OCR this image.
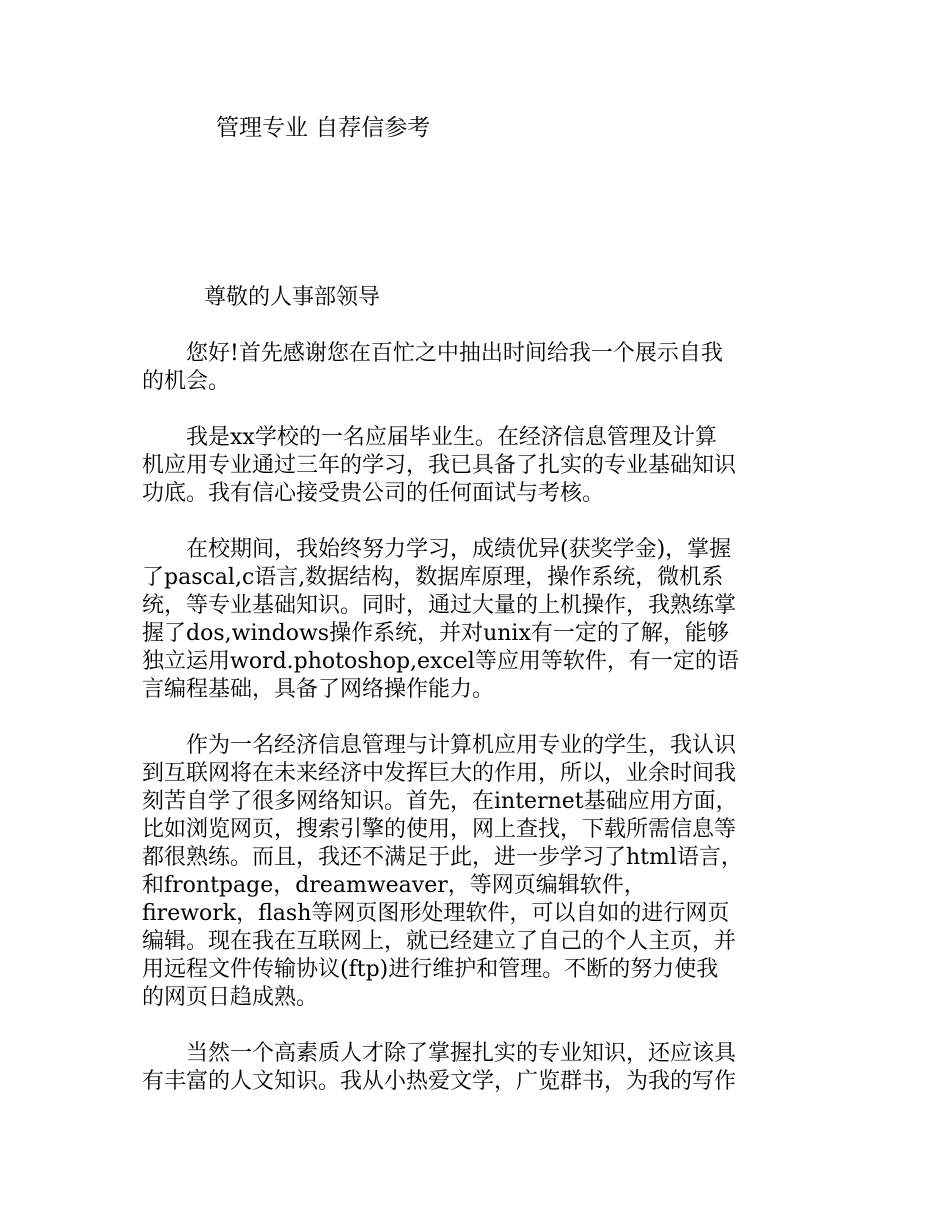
管理专业 自荐信参考
尊敬的人事部领导
　　您好!首先感谢您在百忙之中抽出时间给我一个展示自我
的机会。
　　我是xx学校的一名应届毕业生。在经济信息管理及计算
机应用专业通过三年的学习，我已具备了扎实的专业基础知识
功底。我有信心接受贵公司的任何面试与考核。
　　在校期间，我始终努力学习，成绩优异(获奖学金)，掌握
了pascal,c语言,数据结构，数据库原理，操作系统，微机系
统，等专业基础知识。同时，通过大量的上机操作，我熟练掌
握了dos,windows操作系统，并对unix有一定的了解，能够
独立运用word.photoshop,excel等应用等软件，有一定的语
言编程基础，具备了网络操作能力。
　　作为一名经济信息管理与计算机应用专业的学生，我认识
到互联网将在未来经济中发挥巨大的作用，所以，业余时间我
刻苦自学了很多网络知识。首先，在internet基础应用方面，
比如浏览网页，搜索引擎的使用，网上查找，下载所需信息等
都很熟练。而且，我还不满足于此，进一步学习了html语言，
和frontpage，dreamweaver，等网页编辑软件，
firework，flash等网页图形处理软件，可以自如的进行网页
编辑。现在我在互联网上，就已经建立了自己的个人主页，并
用远程文件传输协议(ftp)进行维护和管理。不断的努力使我
的网页日趋成熟。
　　当然一个高素质人才除了掌握扎实的专业知识，还应该具
有丰富的人文知识。我从小热爱文学，广览群书，为我的写作
